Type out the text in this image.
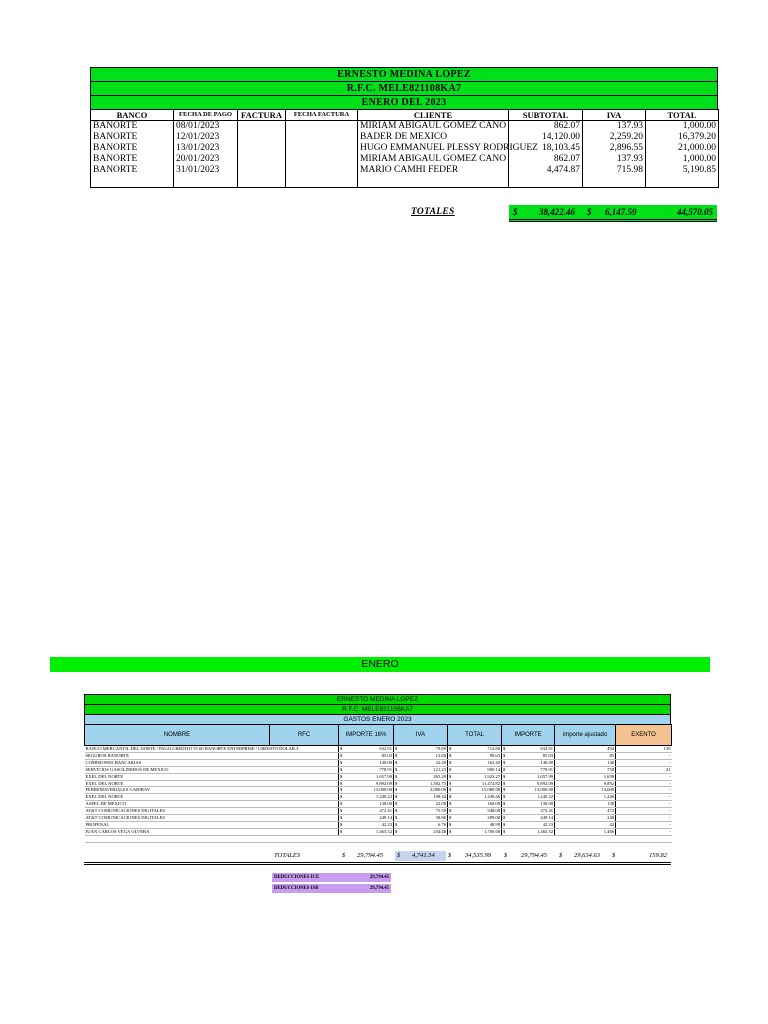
ERNESTO MEDINA LOPEZ
R.F.C. MELE821108KA7
ENERO DEL 2023
BANCO	FECHA DE PAGO	FACTURA	FECHA FACTURA	CLIENTE	SUBTOTAL	IVA	TOTAL
BANORTE	08/01/2023			MIRIAM ABIGAUL GOMEZ CANO	862.07	137.93	1,000.00
BANORTE	12/01/2023			BADER DE MEXICO	14,120.00	2,259.20	16,379.20
BANORTE	13/01/2023			HUGO EMMANUEL PLESSY RODRIGUEZ	18,103.45	2,896.55	21,000.00
BANORTE	20/01/2023			MIRIAM ABIGAUL GOMEZ CANO	862.07	137.93	1,000.00
BANORTE	31/01/2023			MARIO CAMHI FEDER	4,474.87	715.98	5,190.85

TOTALES	$ 38,422.46 $ 6,147.59	44,570.05
ENERO
ERNESTO MEDINA LOPEZ
R.F.C. MELE821108KA7
GASTOS ENERO 2023
NOMBRE	RFC	IMPORTE 16%		IVA		TOTAL		IMPORTE		importe ajustado	EXENTO
BANCO MERCANTIL DEL NORTE / PAGO CREDITO 55 60 BANORTE ENTERPRISE / CREDITO DOLAR 3		$	632.91	$	79.89	$	712.80	$	632.91	494	139
SEGUROS BANORTE		$	85.03	$	13.60	$	98.63	$	85.03	85	-
COMISIONES BANCARIAS		$	140.00	$	22.40	$	162.40	$	140.00	140	-
SERVICIOS GASOLINEROS DE MEXICO		$	778.91	$	121.23	$	900.14	$	778.91	758	21
EXEL DEL NORTE		$	1,657.99	$	265.28	$	1,923.27	$	1,657.99	1,658	-
EXEL DEL NORTE		$	9,892.09	$	1,582.73	$	11,474.82	$	9,892.09	9,892	-
FERREMATERIALES GARIBAY		$	13,000.00	$	2,080.00	$	15,080.00	$	13,000.00	13,000	-
EXEL DEL NORTE		$	1,240.22	$	198.44	$	1,438.66	$	1,240.22	1,240	-
ASPEL DE MEXICO		$	138.00	$	22.08	$	160.08	$	138.00	138	-
AT&T COMUNICACIONES DIGITALES		$	472.41	$	75.59	$	548.00	$	472.41	472	-
AT&T COMUNICACIONES DIGITALES		$	249.14	$	39.86	$	289.00	$	249.14	249	-
PROFENAL		$	42.23	$	6.76	$	48.99	$	42.23	42	-
JUAN CARLOS VEGA OLVERA		$	1,465.52	$	234.48	$	1,700.00	$	1,465.52	1,466	-

TOTALES	$ 29,794.45 $ 4,741.54 $ 34,535.99 $ 29,794.45 $ 29,634.63 $	159.82
DEDUCCIONES ICE	29,794.45
DEDUCCIONES ISR	29,794.45
